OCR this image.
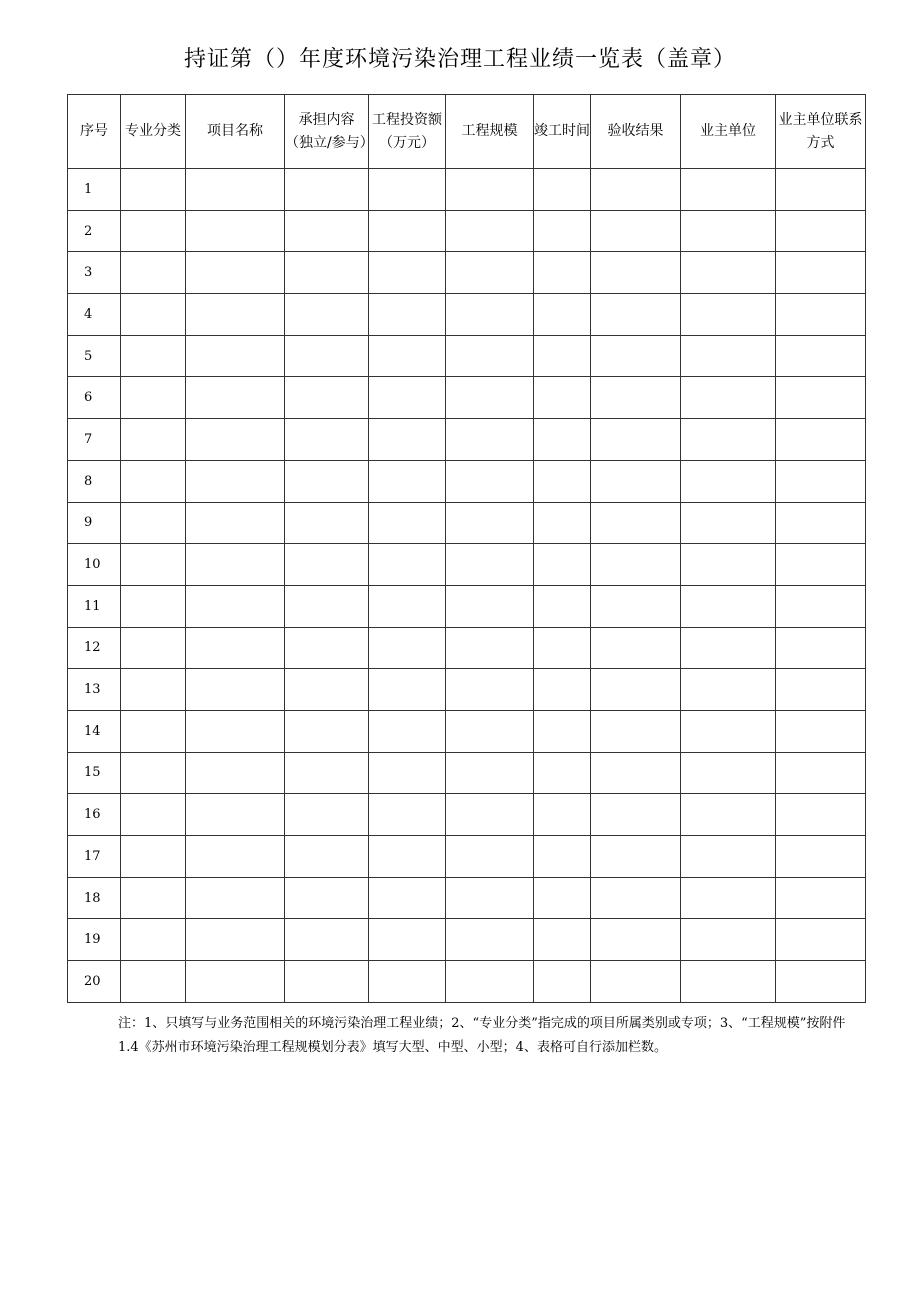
持证第（）年度环境污染治理工程业绩一览表（盖章）
序号	专业分类	项目名称	承担内容（独立/参与）	工程投资额（万元）	工程规模	竣工时间	验收结果	业主单位	业主单位联系方式
1									
2									
3									
4									
5									
6									
7									
8									
9									
10									
11									
12									
13									
14									
15									
16									
17									
18									
19									
20									
注：1、只填写与业务范围相关的环境污染治理工程业绩；2、“专业分类”指完成的项目所属类别或专项；3、“工程规模”按附件1.4《苏州市环境污染治理工程规模划分表》填写大型、中型、小型；4、表格可自行添加栏数。
